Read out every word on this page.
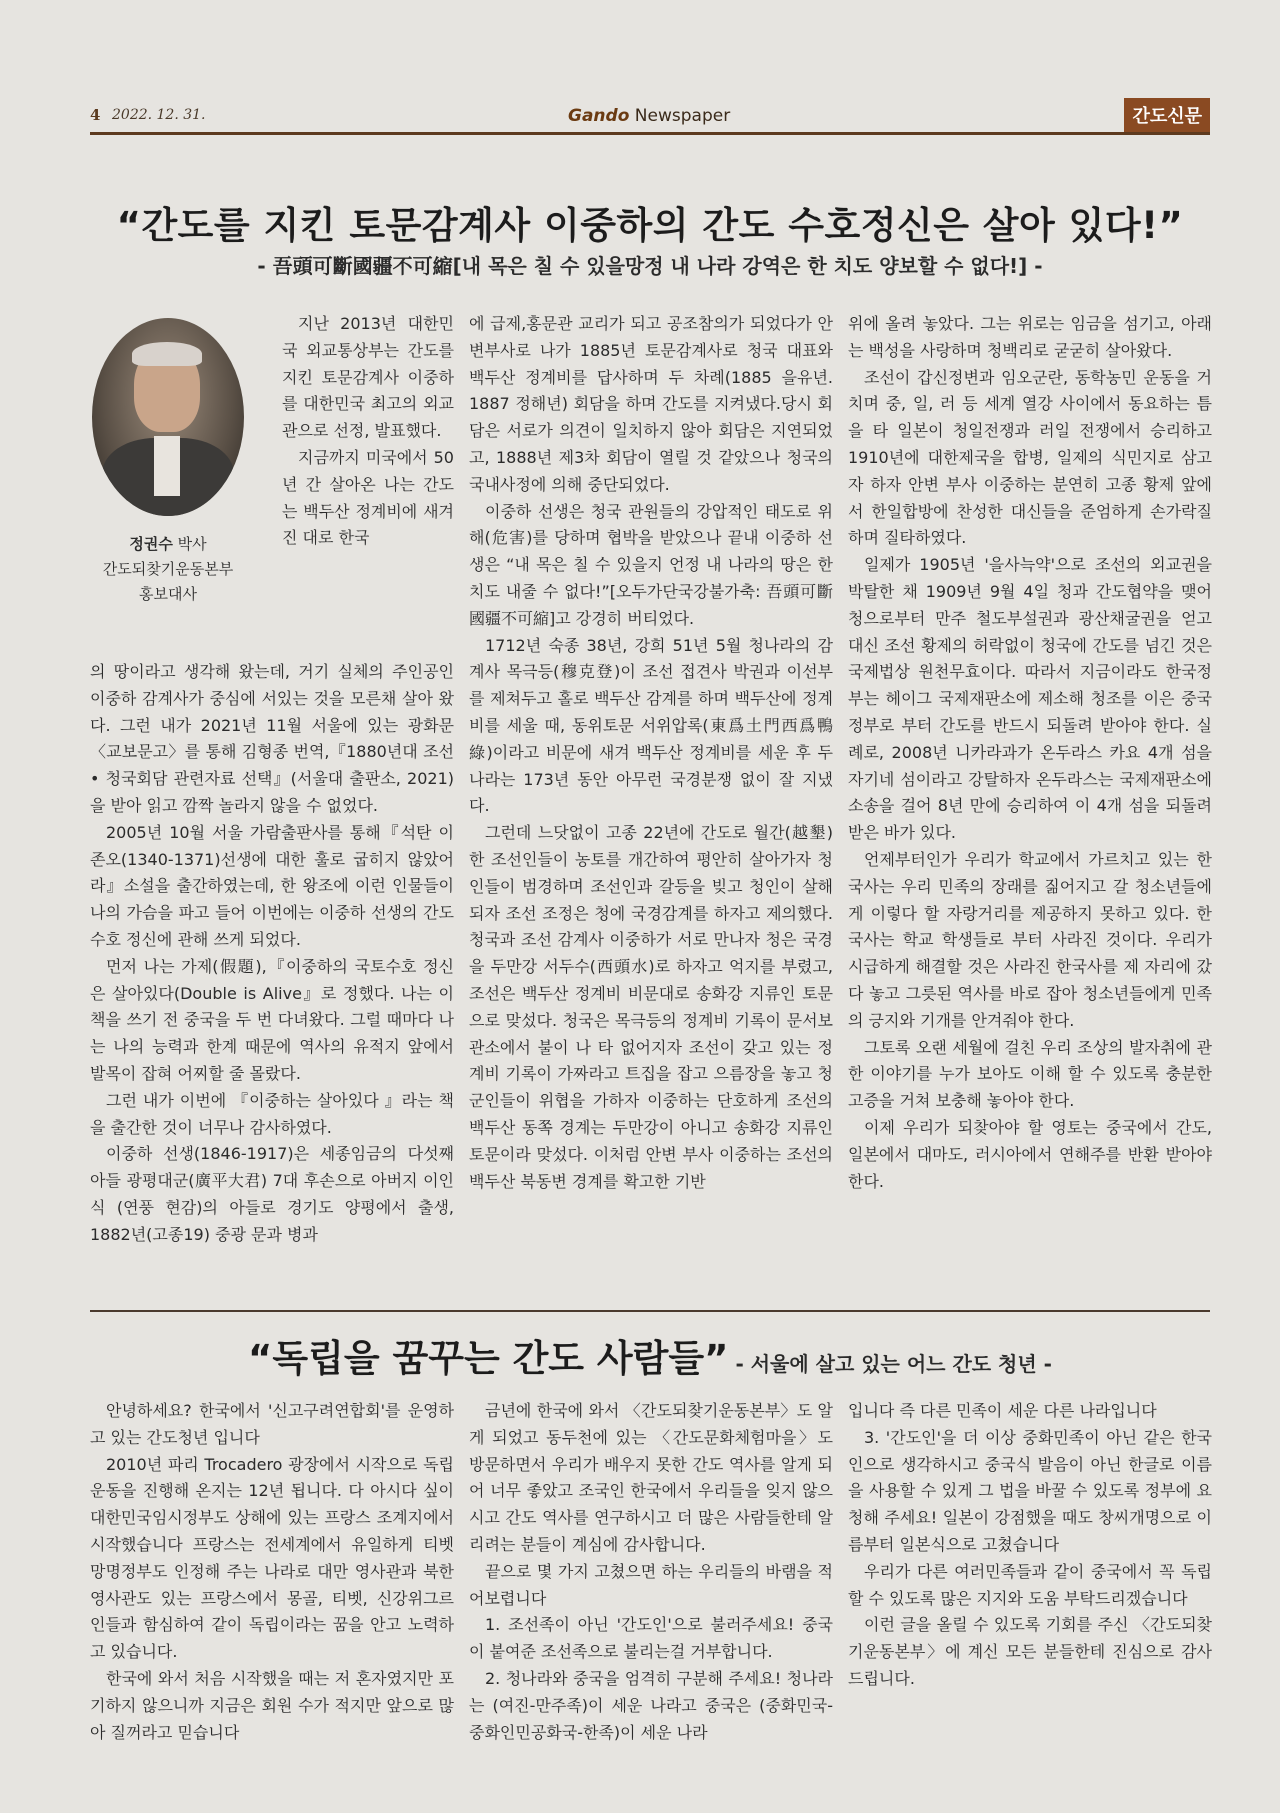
4 2022. 12. 31.	Gando Newspaper	간도신문
“간도를 지킨 토문감계사 이중하의 간도 수호정신은 살아 있다!”
- 吾頭可斷國疆不可縮[내 목은 칠 수 있을망정 내 나라 강역은 한 치도 양보할 수 없다!] -
정권수 박사
간도되찾기운동본부
홍보대사

지난 2013년 대한민국 외교통상부는 간도를 지킨 토문감계사 이중하를 대한민국 최고의 외교관으로 선정, 발표했다.

지금까지 미국에서 50년 간 살아온 나는 간도는 백두산 정계비에 새겨진 대로 한국

의 땅이라고 생각해 왔는데, 거기 실체의 주인공인 이중하 감계사가 중심에 서있는 것을 모른채 살아 왔다. 그런 내가 2021년 11월 서울에 있는 광화문 〈교보문고〉를 통해 김형종 번역,『1880년대 조선• 청국회담 관련자료 선택』(서울대 출판소, 2021)을 받아 읽고 깜짝 놀라지 않을 수 없었다.

2005년 10월 서울 가람출판사를 통해『석탄 이존오(1340-1371)선생에 대한 훌로 굽히지 않았어라』소설을 출간하였는데, 한 왕조에 이런 인물들이 나의 가슴을 파고 들어 이번에는 이중하 선생의 간도수호 정신에 관해 쓰게 되었다.

먼저 나는 가제(假題),『이중하의 국토수호 정신은 살아있다(Double is Alive』로 정했다. 나는 이 책을 쓰기 전 중국을 두 번 다녀왔다. 그럴 때마다 나는 나의 능력과 한계 때문에 역사의 유적지 앞에서 발목이 잡혀 어찌할 줄 몰랐다.

그런 내가 이번에 『이중하는 살아있다 』라는 책을 출간한 것이 너무나 감사하였다.

이중하 선생(1846-1917)은 세종임금의 다섯째 아들 광평대군(廣平大君) 7대 후손으로 아버지 이인식 (연풍 현감)의 아들로 경기도 양평에서 출생, 1882년(고종19) 중광 문과 병과

에 급제,홍문관 교리가 되고 공조참의가 되었다가 안변부사로 나가 1885년 토문감계사로 청국 대표와 백두산 정계비를 답사하며 두 차례(1885 을유년. 1887 정해년) 회담을 하며 간도를 지켜냈다.당시 회담은 서로가 의견이 일치하지 않아 회담은 지연되었고, 1888년 제3차 회담이 열릴 것 같았으나 청국의 국내사정에 의해 중단되었다.

이중하 선생은 청국 관원들의 강압적인 태도로 위해(危害)를 당하며 협박을 받았으나 끝내 이중하 선생은 “내 목은 칠 수 있을지 언정 내 나라의 땅은 한치도 내줄 수 없다!”[오두가단국강불가축: 吾頭可斷國疆不可縮]고 강경히 버티었다.

1712년 숙종 38년, 강희 51년 5월 청나라의 감계사 목극등(穆克登)이 조선 접견사 박권과 이선부를 제쳐두고 홀로 백두산 감계를 하며 백두산에 정계비를 세울 때, 동위토문 서위압록(東爲土門西爲鴨綠)이라고 비문에 새겨 백두산 정계비를 세운 후 두 나라는 173년 동안 아무런 국경분쟁 없이 잘 지냈다.

그런데 느닷없이 고종 22년에 간도로 월간(越墾)한 조선인들이 농토를 개간하여 평안히 살아가자 청인들이 범경하며 조선인과 갈등을 빚고 청인이 살해되자 조선 조정은 청에 국경감계를 하자고 제의했다. 청국과 조선 감계사 이중하가 서로 만나자 청은 국경을 두만강 서두수(西頭水)로 하자고 억지를 부렸고, 조선은 백두산 정계비 비문대로 송화강 지류인 토문으로 맞섰다. 청국은 목극등의 정계비 기록이 문서보관소에서 불이 나 타 없어지자 조선이 갖고 있는 정계비 기록이 가짜라고 트집을 잡고 으름장을 놓고 청 군인들이 위협을 가하자 이중하는 단호하게 조선의 백두산 동쪽 경계는 두만강이 아니고 송화강 지류인 토문이라 맞섰다. 이처럼 안변 부사 이중하는 조선의 백두산 북동변 경계를 확고한 기반

위에 올려 놓았다. 그는 위로는 임금을 섬기고, 아래는 백성을 사랑하며 청백리로 굳굳히 살아왔다.

조선이 갑신정변과 임오군란, 동학농민 운동을 거치며 중, 일, 러 등 세계 열강 사이에서 동요하는 틈을 타 일본이 청일전쟁과 러일 전쟁에서 승리하고 1910년에 대한제국을 합병, 일제의 식민지로 삼고자 하자 안변 부사 이중하는 분연히 고종 황제 앞에서 한일합방에 찬성한 대신들을 준엄하게 손가락질 하며 질타하였다.

일제가 1905년 '을사늑약'으로 조선의 외교권을 박탈한 채 1909년 9월 4일 청과 간도협약을 맺어 청으로부터 만주 철도부설권과 광산채굴권을 얻고 대신 조선 황제의 허락없이 청국에 간도를 넘긴 것은 국제법상 원천무효이다. 따라서 지금이라도 한국정부는 헤이그 국제재판소에 제소해 청조를 이은 중국 정부로 부터 간도를 반드시 되돌려 받아야 한다. 실례로, 2008년 니카라과가 온두라스 카요 4개 섬을 자기네 섬이라고 강탈하자 온두라스는 국제재판소에 소송을 걸어 8년 만에 승리하여 이 4개 섬을 되돌려 받은 바가 있다.

언제부터인가 우리가 학교에서 가르치고 있는 한국사는 우리 민족의 장래를 짊어지고 갈 청소년들에게 이렇다 할 자랑거리를 제공하지 못하고 있다. 한국사는 학교 학생들로 부터 사라진 것이다. 우리가 시급하게 해결할 것은 사라진 한국사를 제 자리에 갔다 놓고 그릇된 역사를 바로 잡아 청소년들에게 민족의 긍지와 기개를 안겨줘야 한다.

그토록 오랜 세월에 걸친 우리 조상의 발자취에 관한 이야기를 누가 보아도 이해 할 수 있도록 충분한 고증을 거쳐 보충해 놓아야 한다.

이제 우리가 되찾아야 할 영토는 중국에서 간도, 일본에서 대마도, 러시아에서 연해주를 반환 받아야 한다.

“독립을 꿈꾸는 간도 사람들” - 서울에 살고 있는 어느 간도 청년 -

안녕하세요? 한국에서 '신고구려연합회'를 운영하고 있는 간도청년 입니다

2010년 파리 Trocadero 광장에서 시작으로 독립운동을 진행해 온지는 12년 됩니다. 다 아시다 싶이 대한민국임시정부도 상해에 있는 프랑스 조계지에서 시작했습니다 프랑스는 전세계에서 유일하게 티벳 망명정부도 인정해 주는 나라로 대만 영사관과 북한 영사관도 있는 프랑스에서 몽골, 티벳, 신강위그르 인들과 함심하여 같이 독립이라는 꿈을 안고 노력하고 있습니다.

한국에 와서 처음 시작했을 때는 저 혼자였지만 포기하지 않으니까 지금은 회원 수가 적지만 앞으로 많아 질꺼라고 믿습니다

금년에 한국에 와서 〈간도되찾기운동본부〉도 알게 되었고 동두천에 있는 〈간도문화체험마을〉도 방문하면서 우리가 배우지 못한 간도 역사를 알게 되어 너무 좋았고 조국인 한국에서 우리들을 잊지 않으시고 간도 역사를 연구하시고 더 많은 사람들한테 알리려는 분들이 계심에 감사합니다.

끝으로 몇 가지 고쳤으면 하는 우리들의 바램을 적어보렵니다

1. 조선족이 아닌 '간도인'으로 불러주세요! 중국이 붙여준 조선족으로 불리는걸 거부합니다.

2. 청나라와 중국을 엄격히 구분해 주세요! 청나라는 (여진-만주족)이 세운 나라고 중국은 (중화민국-중화인민공화국-한족)이 세운 나라

입니다 즉 다른 민족이 세운 다른 나라입니다

3. '간도인'을 더 이상 중화민족이 아닌 같은 한국인으로 생각하시고 중국식 발음이 아닌 한글로 이름을 사용할 수 있게 그 법을 바꿀 수 있도록 정부에 요청해 주세요! 일본이 강점했을 때도 창씨개명으로 이름부터 일본식으로 고쳤습니다

우리가 다른 여러민족들과 같이 중국에서 꼭 독립할 수 있도록 많은 지지와 도움 부탁드리겠습니다

이런 글을 올릴 수 있도록 기회를 주신 〈간도되찾기운동본부〉에 계신 모든 분들한테 진심으로 감사드립니다.
